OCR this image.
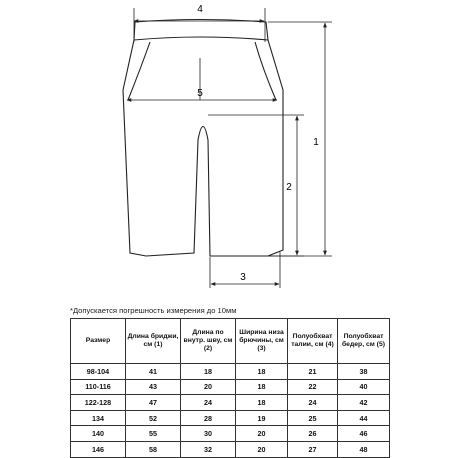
4
5
1
2
3
*Допускается погрешность измерения до 10мм
Размер	Длина бриджи, см (1)	Длина по внутр. шву, см (2)	Ширина низа брючины, см (3)	Полуобхват талии, см (4)	Полуобхват бедер, см (5)
98-104	41	18	18	21	38
110-116	43	20	18	22	40
122-128	47	24	18	24	42
134	52	28	19	25	44
140	55	30	20	26	46
146	58	32	20	27	48
